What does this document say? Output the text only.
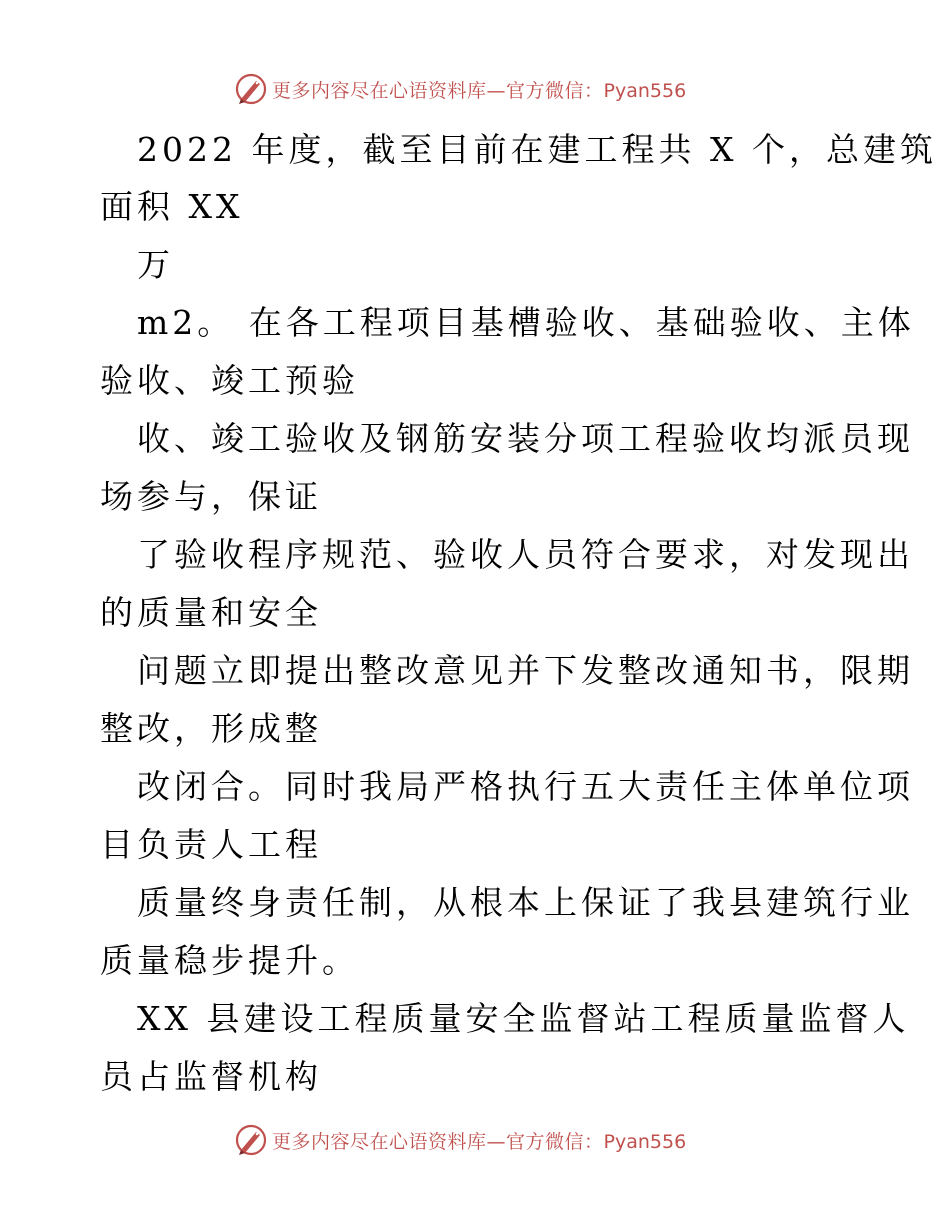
更多内容尽在心语资料库—官方微信：Pyan556
2022 年度，截至目前在建工程共 X 个，总建筑
面积 XX
万
m2。 在各工程项目基槽验收、基础验收、主体
验收、竣工预验
收、竣工验收及钢筋安装分项工程验收均派员现
场参与，保证
了验收程序规范、验收人员符合要求，对发现出
的质量和安全
问题立即提出整改意见并下发整改通知书，限期
整改，形成整
改闭合。同时我局严格执行五大责任主体单位项
目负责人工程
质量终身责任制，从根本上保证了我县建筑行业
质量稳步提升。
XX 县建设工程质量安全监督站工程质量监督人
员占监督机构
更多内容尽在心语资料库—官方微信：Pyan556
